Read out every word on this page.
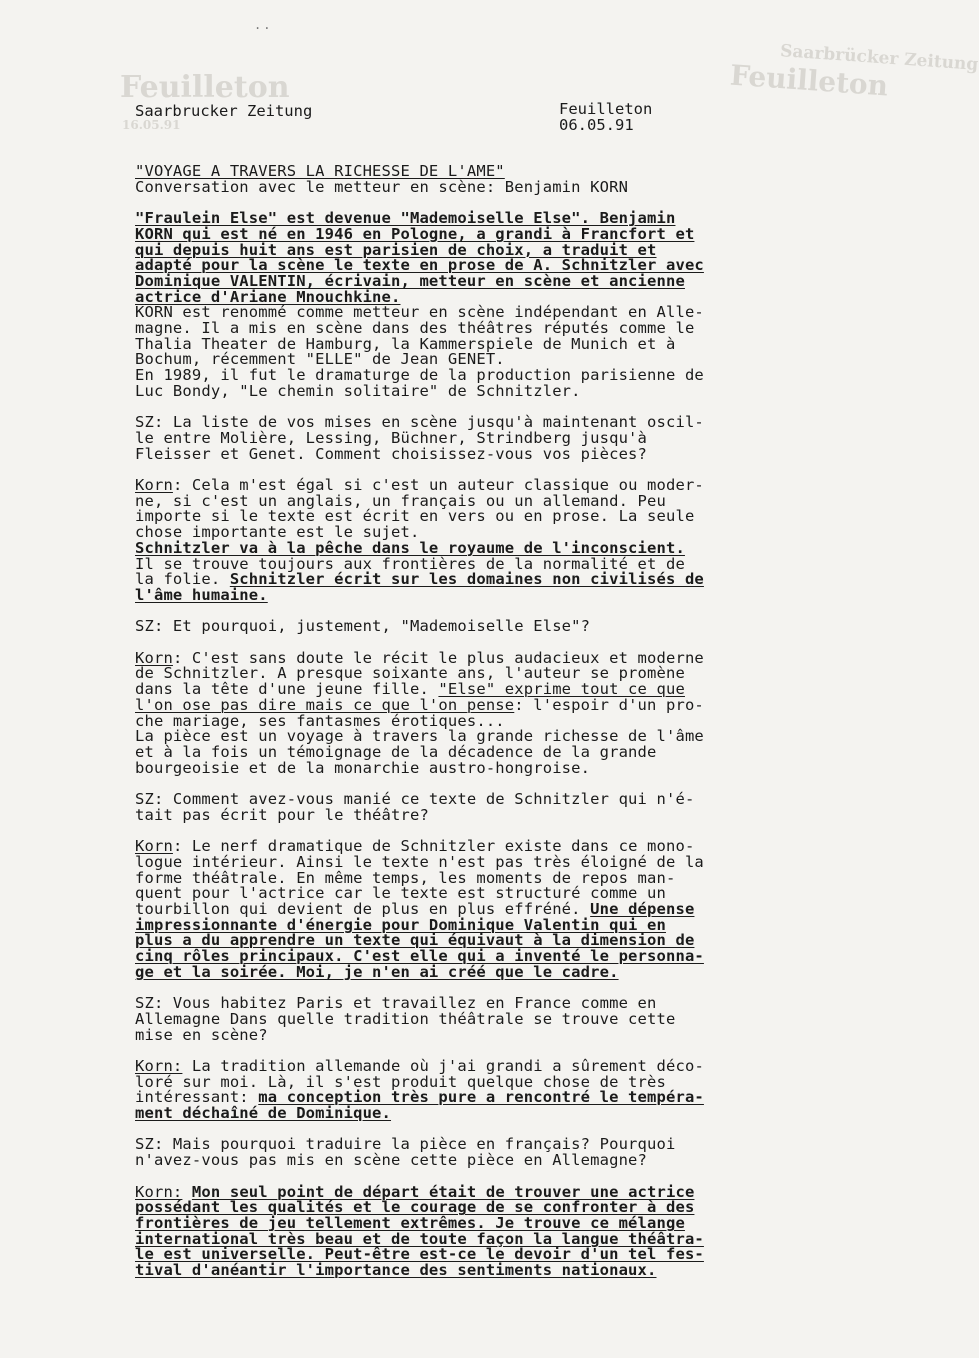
Saarbrücker Zeitung
Feuilleton
Feuilleton
16.05.91
..
Saarbrucker Zeitung	Feuilleton
06.05.91
"VOYAGE A TRAVERS LA RICHESSE DE L'AME"
Conversation avec le metteur en scène: Benjamin KORN
"Fraulein Else" est devenue "Mademoiselle Else". Benjamin
KORN qui est né en 1946 en Pologne, a grandi à Francfort et
qui depuis huit ans est parisien de choix, a traduit et
adapté pour la scène le texte en prose de A. Schnitzler avec
Dominique VALENTIN, écrivain, metteur en scène et ancienne
actrice d'Ariane Mnouchkine.
KORN est renommé comme metteur en scène indépendant en Alle-
magne. Il a mis en scène dans des théâtres réputés comme le
Thalia Theater de Hamburg, la Kammerspiele de Munich et à
Bochum, récemment "ELLE" de Jean GENET.
En 1989, il fut le dramaturge de la production parisienne de
Luc Bondy, "Le chemin solitaire" de Schnitzler.
SZ: La liste de vos mises en scène jusqu'à maintenant oscil-
le entre Molière, Lessing, Büchner, Strindberg jusqu'à
Fleisser et Genet. Comment choisissez-vous vos pièces?
Korn: Cela m'est égal si c'est un auteur classique ou moder-
ne, si c'est un anglais, un français ou un allemand. Peu
importe si le texte est écrit en vers ou en prose. La seule
chose importante est le sujet.
Schnitzler va à la pêche dans le royaume de l'inconscient.
Il se trouve toujours aux frontières de la normalité et de
la folie. Schnitzler écrit sur les domaines non civilisés de
l'âme humaine.
SZ: Et pourquoi, justement, "Mademoiselle Else"?
Korn: C'est sans doute le récit le plus audacieux et moderne
de Schnitzler. A presque soixante ans, l'auteur se promène
dans la tête d'une jeune fille. "Else" exprime tout ce que
l'on ose pas dire mais ce que l'on pense: l'espoir d'un pro-
che mariage, ses fantasmes érotiques...
La pièce est un voyage à travers la grande richesse de l'âme
et à la fois un témoignage de la décadence de la grande
bourgeoisie et de la monarchie austro-hongroise.
SZ: Comment avez-vous manié ce texte de Schnitzler qui n'é-
tait pas écrit pour le théâtre?
Korn: Le nerf dramatique de Schnitzler existe dans ce mono-
logue intérieur. Ainsi le texte n'est pas très éloigné de la
forme théâtrale. En même temps, les moments de repos man-
quent pour l'actrice car le texte est structuré comme un
tourbillon qui devient de plus en plus effréné. Une dépense
impressionnante d'énergie pour Dominique Valentin qui en
plus a du apprendre un texte qui équivaut à la dimension de
cinq rôles principaux. C'est elle qui a inventé le personna-
ge et la soirée. Moi, je n'en ai créé que le cadre.
SZ: Vous habitez Paris et travaillez en France comme en
Allemagne Dans quelle tradition théâtrale se trouve cette
mise en scène?
Korn: La tradition allemande où j'ai grandi a sûrement déco-
loré sur moi. Là, il s'est produit quelque chose de très
intéressant: ma conception très pure a rencontré le tempéra-
ment déchaîné de Dominique.
SZ: Mais pourquoi traduire la pièce en français? Pourquoi
n'avez-vous pas mis en scène cette pièce en Allemagne?
Korn: Mon seul point de départ était de trouver une actrice
possédant les qualités et le courage de se confronter à des
frontières de jeu tellement extrêmes. Je trouve ce mélange
international très beau et de toute façon la langue théâtra-
le est universelle. Peut-être est-ce le devoir d'un tel fes-
tival d'anéantir l'importance des sentiments nationaux.
